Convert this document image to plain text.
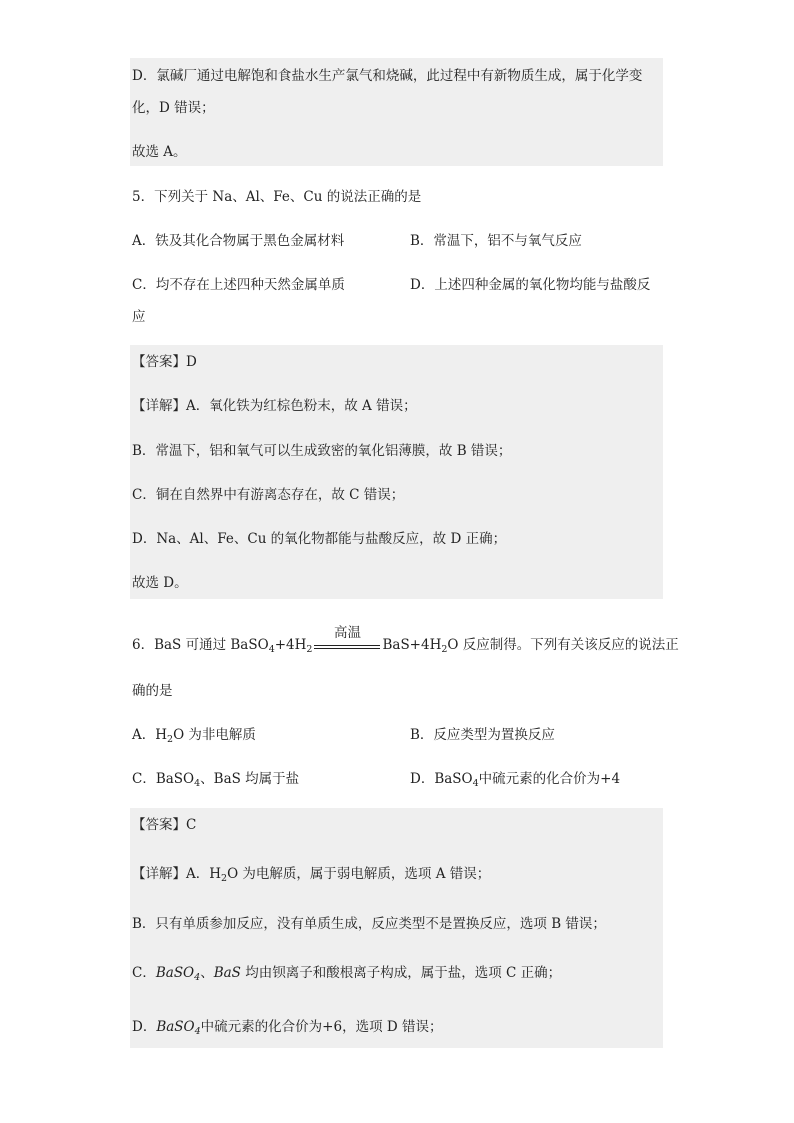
D．氯碱厂通过电解饱和食盐水生产氯气和烧碱，此过程中有新物质生成，属于化学变
化，D 错误；
故选 A。
5．下列关于 Na、Al、Fe、Cu 的说法正确的是
A．铁及其化合物属于黑色金属材料	B．常温下，铝不与氧气反应
C．均不存在上述四种天然金属单质	D．上述四种金属的氧化物均能与盐酸反
应
【答案】D
【详解】A．氧化铁为红棕色粉末，故 A 错误；
B．常温下，铝和氧气可以生成致密的氧化铝薄膜，故 B 错误；
C．铜在自然界中有游离态存在，故 C 错误；
D．Na、Al、Fe、Cu 的氧化物都能与盐酸反应，故 D 正确；
故选 D。
6．BaS 可通过 $BaSO_4+4H_2$
高温
$BaS+4H_2O$ 反应制得。下列有关该反应的说法正
确的是
A．$H_2O$ 为非电解质	B．反应类型为置换反应
C．BaSO$_4$、BaS 均属于盐	D．BaSO$_4$中硫元素的化合价为+4
【答案】C
【详解】A．$H_2O$ 为电解质，属于弱电解质，选项 A 错误；
B．只有单质参加反应，没有单质生成，反应类型不是置换反应，选项 B 错误；
C．BaSO$_4$、BaS 均由钡离子和酸根离子构成，属于盐，选项 C 正确；
D．BaSO$_4$中硫元素的化合价为+6，选项 D 错误；
